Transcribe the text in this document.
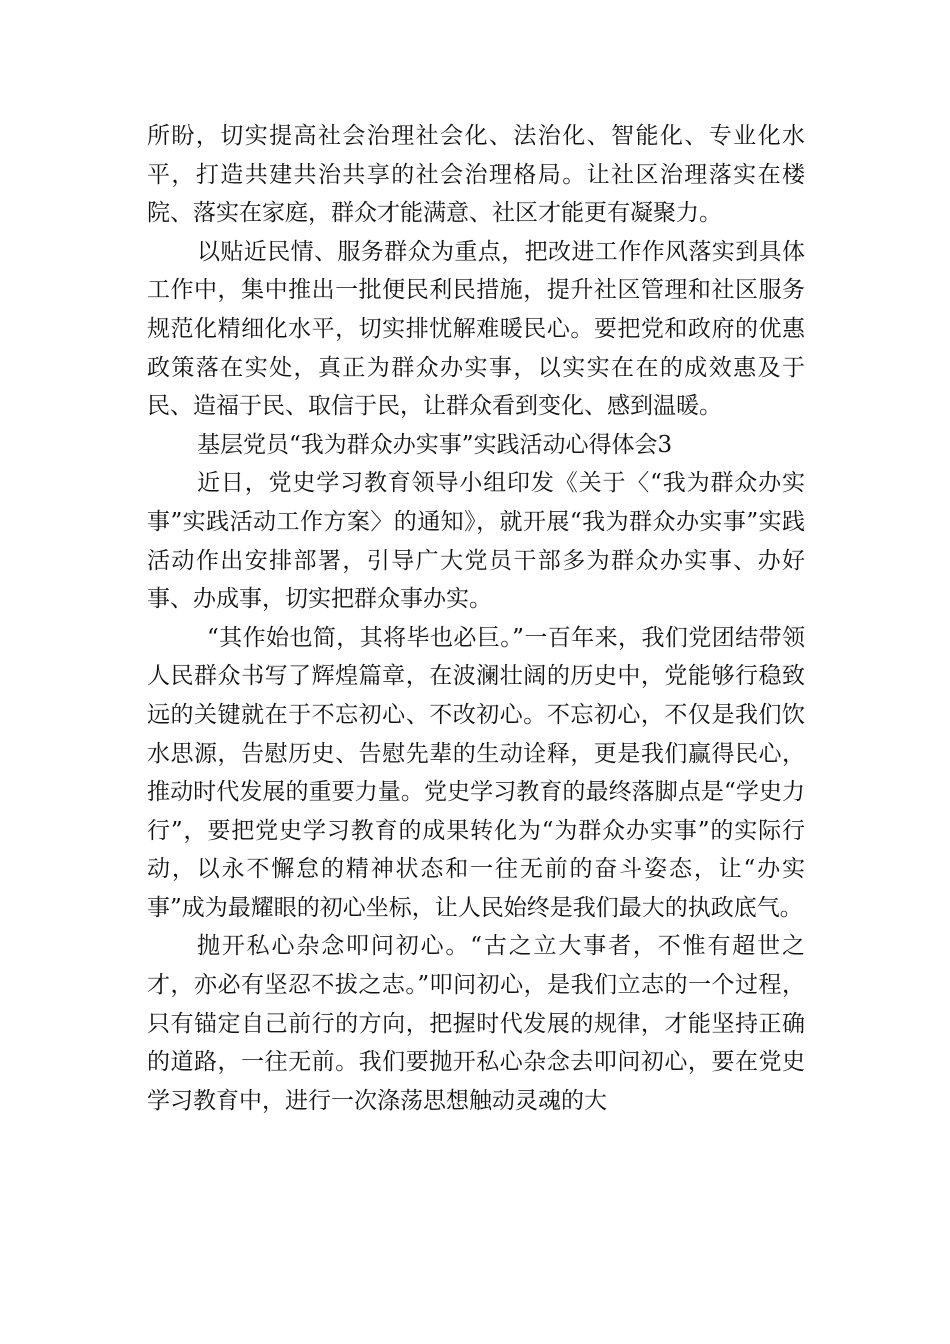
所盼，切实提高社会治理社会化、法治化、智能化、专业化水平，打造共建共治共享的社会治理格局。让社区治理落实在楼院、落实在家庭，群众才能满意、社区才能更有凝聚力。

以贴近民情、服务群众为重点，把改进工作作风落实到具体工作中，集中推出一批便民利民措施，提升社区管理和社区服务规范化精细化水平，切实排忧解难暖民心。要把党和政府的优惠政策落在实处，真正为群众办实事，以实实在在的成效惠及于民、造福于民、取信于民，让群众看到变化、感到温暖。

基层党员“我为群众办实事”实践活动心得体会3

近日，党史学习教育领导小组印发《关于〈“我为群众办实事”实践活动工作方案〉的通知》，就开展“我为群众办实事”实践活动作出安排部署，引导广大党员干部多为群众办实事、办好事、办成事，切实把群众事办实。

“其作始也简，其将毕也必巨。”一百年来，我们党团结带领人民群众书写了辉煌篇章，在波澜壮阔的历史中，党能够行稳致远的关键就在于不忘初心、不改初心。不忘初心，不仅是我们饮水思源，告慰历史、告慰先辈的生动诠释，更是我们赢得民心，推动时代发展的重要力量。党史学习教育的最终落脚点是“学史力行”，要把党史学习教育的成果转化为“为群众办实事”的实际行动，以永不懈怠的精神状态和一往无前的奋斗姿态，让“办实事”成为最耀眼的初心坐标，让人民始终是我们最大的执政底气。

抛开私心杂念叩问初心。“古之立大事者，不惟有超世之才，亦必有坚忍不拔之志。”叩问初心，是我们立志的一个过程，只有锚定自己前行的方向，把握时代发展的规律，才能坚持正确的道路，一往无前。我们要抛开私心杂念去叩问初心，要在党史学习教育中，进行一次涤荡思想触动灵魂的大
